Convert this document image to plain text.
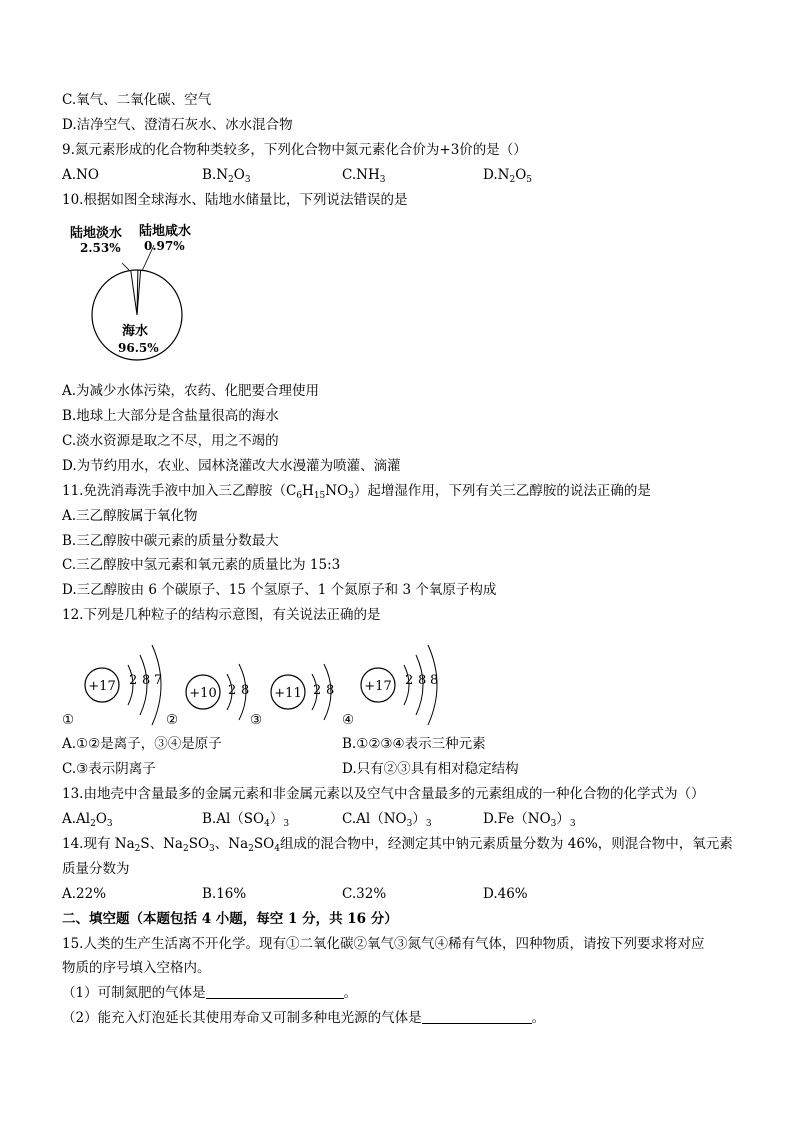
C.氧气、二氧化碳、空气
D.洁净空气、澄清石灰水、冰水混合物
9.氮元素形成的化合物种类较多，下列化合物中氮元素化合价为+3价的是（）
A.NO	$B.N_2O_3$	$C.NH_3$	$D.N_2O_5$
10.根据如图全球海水、陆地水储量比，下列说法错误的是
陆地淡水
2.53%
陆地咸水
0.97%
海水
96.5%
A.为减少水体污染，农药、化肥要合理使用
B.地球上大部分是含盐量很高的海水
C.淡水资源是取之不尽，用之不竭的
D.为节约用水，农业、园林浇灌改大水漫灌为喷灌、滴灌
11.免洗消毒洗手液中加入三乙醇胺$(C_6H_{15}NO_3)$起增湿作用，下列有关三乙醇胺的说法正确的是
A.三乙醇胺属于氧化物
B.三乙醇胺中碳元素的质量分数最大
C.三乙醇胺中氢元素和氧元素的质量比为 15:3
D.三乙醇胺由 6 个碳原子、15 个氢原子、1 个氮原子和 3 个氧原子构成
12.下列是几种粒子的结构示意图，有关说法正确的是
+17 2 8 7
+10 2 8 +11 2 8 +17 2 8 8
①	②	③	④
A.①②是离子，③④是原子	B.①②③④表示三种元素
C.③表示阴离子	D.只有②③具有相对稳定结构
13.由地壳中含量最多的金属元素和非金属元素以及空气中含量最多的元素组成的一种化合物的化学式为（）
$A.Al_2O_3$	$B.Al(SO_4)_3$	$C.Al(NO_3)_3$	$D.Fe(NO_3)_3$
14.现有 $Na_2S$、$Na_2SO_3$、$Na_2SO_4$组成的混合物中，经测定其中钠元素质量分数为 46%，则混合物中，氧元素
质量分数为
A.22%	B.16%	C.32%	D.46%
二、填空题（本题包括 4 小题，每空 1 分，共 16 分）
15.人类的生产生活离不开化学。现有①二氧化碳②氧气③氮气④稀有气体，四种物质，请按下列要求将对应
物质的序号填入空格内。
（1）可制氮肥的气体是	。
（2）能充入灯泡延长其使用寿命又可制多种电光源的气体是	。
